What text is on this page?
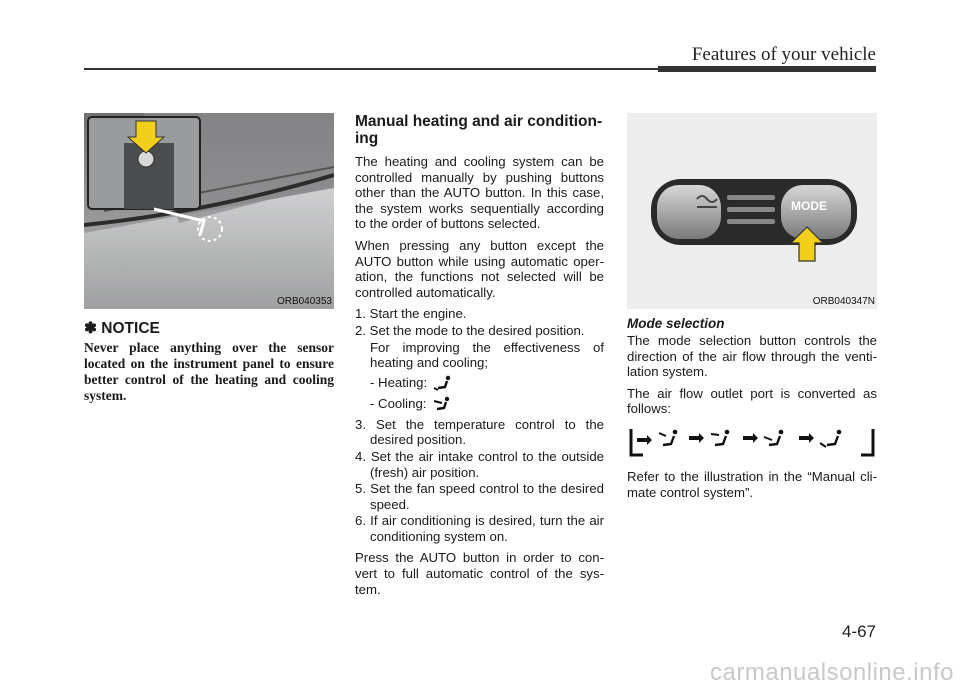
Features of your vehicle
ORB040353
✽ NOTICE
Never place anything over the sensor located on the instrument panel to ensure better control of the heating and cooling system.
Manual heating and air condition-ing

The heating and cooling system can be controlled manually by pushing buttons other than the AUTO button. In this case, the system works sequentially according to the order of buttons selected.

When pressing any button except the AUTO button while using automatic oper-ation, the functions not selected will be controlled automatically.

1. Start the engine.
2. Set the mode to the desired position.
For improving the effectiveness of heating and cooling;
- Heating:
- Cooling:
3. Set the temperature control to the desired position.
4. Set the air intake control to the outside (fresh) air position.
5. Set the fan speed control to the desired speed.
6. If air conditioning is desired, turn the air conditioning system on.

Press the AUTO button in order to con-vert to full automatic control of the sys-tem.

MODE
ORB040347N
Mode selection

The mode selection button controls the direction of the air flow through the venti-lation system.

The air flow outlet port is converted as follows:

Refer to the illustration in the “Manual cli-mate control system”.

4-67
carmanualsonline.info
